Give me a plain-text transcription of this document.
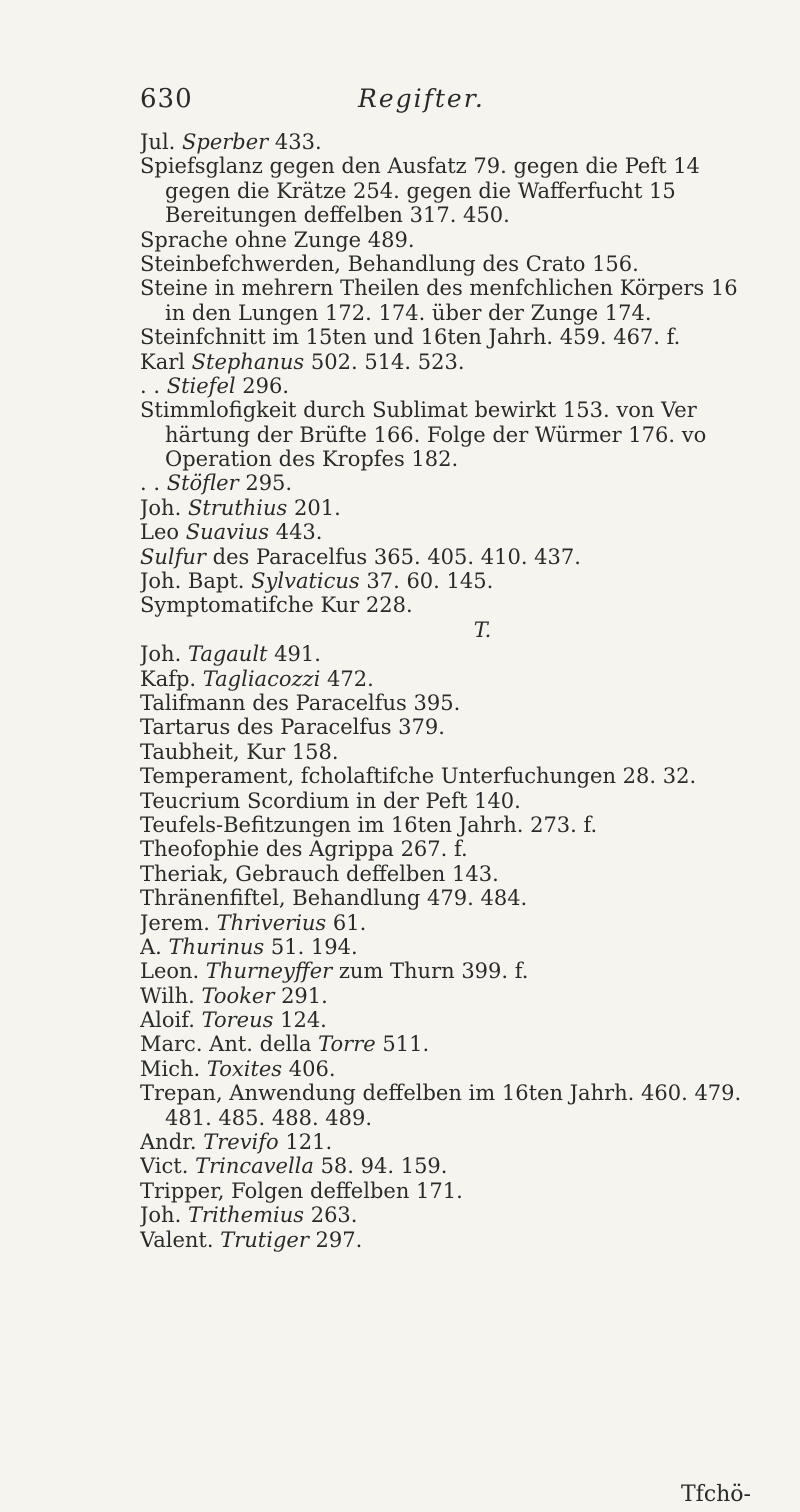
630	Regifter.
Jul. Sperber 433.
Spiefsglanz gegen den Ausfatz 79. gegen die Peft 14
gegen die Krätze 254. gegen die Wafferfucht 15
Bereitungen deffelben 317. 450.
Sprache ohne Zunge 489.
Steinbefchwerden, Behandlung des Crato 156.
Steine in mehrern Theilen des menfchlichen Körpers 16
in den Lungen 172. 174. über der Zunge 174.
Steinfchnitt im 15ten und 16ten Jahrh. 459. 467. f.
Karl Stephanus 502. 514. 523.
. . Stiefel 296.
Stimmlofigkeit durch Sublimat bewirkt 153. von Ver
härtung der Brüfte 166. Folge der Würmer 176. vo
Operation des Kropfes 182.
. . Stöfler 295.
Joh. Struthius 201.
Leo Suavius 443.
Sulfur des Paracelfus 365. 405. 410. 437.
Joh. Bapt. Sylvaticus 37. 60. 145.
Symptomatifche Kur 228.
T.
Joh. Tagault 491.
Kafp. Tagliacozzi 472.
Talifmann des Paracelfus 395.
Tartarus des Paracelfus 379.
Taubheit, Kur 158.
Temperament, fcholaftifche Unterfuchungen 28. 32.
Teucrium Scordium in der Peft 140.
Teufels-Befitzungen im 16ten Jahrh. 273. f.
Theofophie des Agrippa 267. f.
Theriak, Gebrauch deffelben 143.
Thränenfiftel, Behandlung 479. 484.
Jerem. Thriverius 61.
A. Thurinus 51. 194.
Leon. Thurneyffer zum Thurn 399. f.
Wilh. Tooker 291.
Aloif. Toreus 124.
Marc. Ant. della Torre 511.
Mich. Toxites 406.
Trepan, Anwendung deffelben im 16ten Jahrh. 460. 479.
481. 485. 488. 489.
Andr. Trevifo 121.
Vict. Trincavella 58. 94. 159.
Tripper, Folgen deffelben 171.
Joh. Trithemius 263.
Valent. Trutiger 297.
Tfchö-
